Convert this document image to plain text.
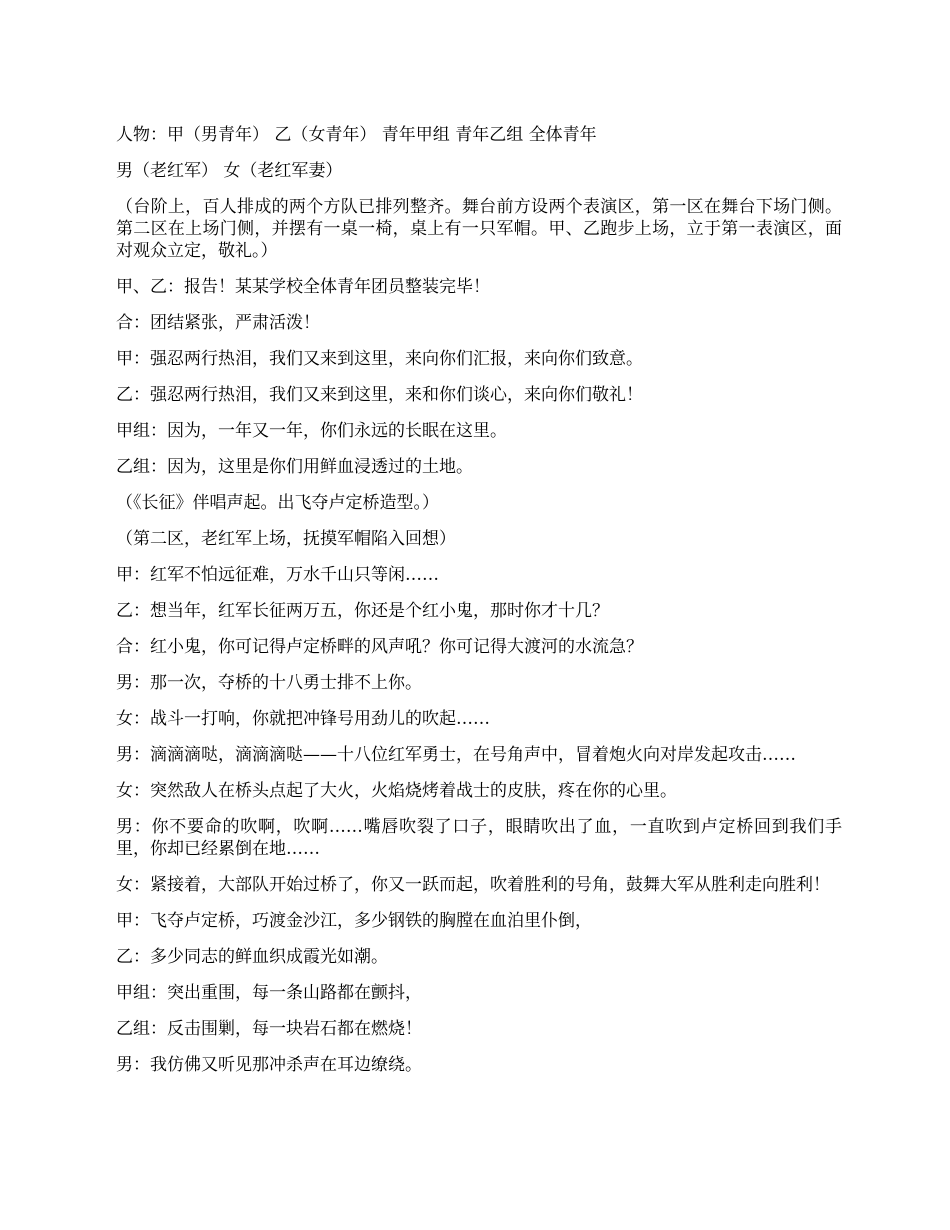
人物：甲（男青年） 乙（女青年） 青年甲组 青年乙组 全体青年

男（老红军） 女（老红军妻）

（台阶上，百人排成的两个方队已排列整齐。舞台前方设两个表演区，第一区在舞台下场门侧。第二区在上场门侧，并摆有一桌一椅，桌上有一只军帽。甲、乙跑步上场，立于第一表演区，面对观众立定，敬礼。）

甲、乙：报告！某某学校全体青年团员整装完毕！

合：团结紧张，严肃活泼！

甲：强忍两行热泪，我们又来到这里，来向你们汇报，来向你们致意。

乙：强忍两行热泪，我们又来到这里，来和你们谈心，来向你们敬礼！

甲组：因为，一年又一年，你们永远的长眠在这里。

乙组：因为，这里是你们用鲜血浸透过的土地。

（《长征》伴唱声起。出飞夺卢定桥造型。）

（第二区，老红军上场，抚摸军帽陷入回想）

甲：红军不怕远征难，万水千山只等闲……

乙：想当年，红军长征两万五，你还是个红小鬼，那时你才十几？

合：红小鬼，你可记得卢定桥畔的风声吼？你可记得大渡河的水流急？

男：那一次，夺桥的十八勇士排不上你。

女：战斗一打响，你就把冲锋号用劲儿的吹起……

男：滴滴滴哒，滴滴滴哒——十八位红军勇士，在号角声中，冒着炮火向对岸发起攻击……

女：突然敌人在桥头点起了大火，火焰烧烤着战士的皮肤，疼在你的心里。

男：你不要命的吹啊，吹啊……嘴唇吹裂了口子，眼睛吹出了血，一直吹到卢定桥回到我们手里，你却已经累倒在地……

女：紧接着，大部队开始过桥了，你又一跃而起，吹着胜利的号角，鼓舞大军从胜利走向胜利！

甲：飞夺卢定桥，巧渡金沙江，多少钢铁的胸膛在血泊里仆倒，

乙：多少同志的鲜血织成霞光如潮。

甲组：突出重围，每一条山路都在颤抖，

乙组：反击围剿，每一块岩石都在燃烧！

男：我仿佛又听见那冲杀声在耳边缭绕。
